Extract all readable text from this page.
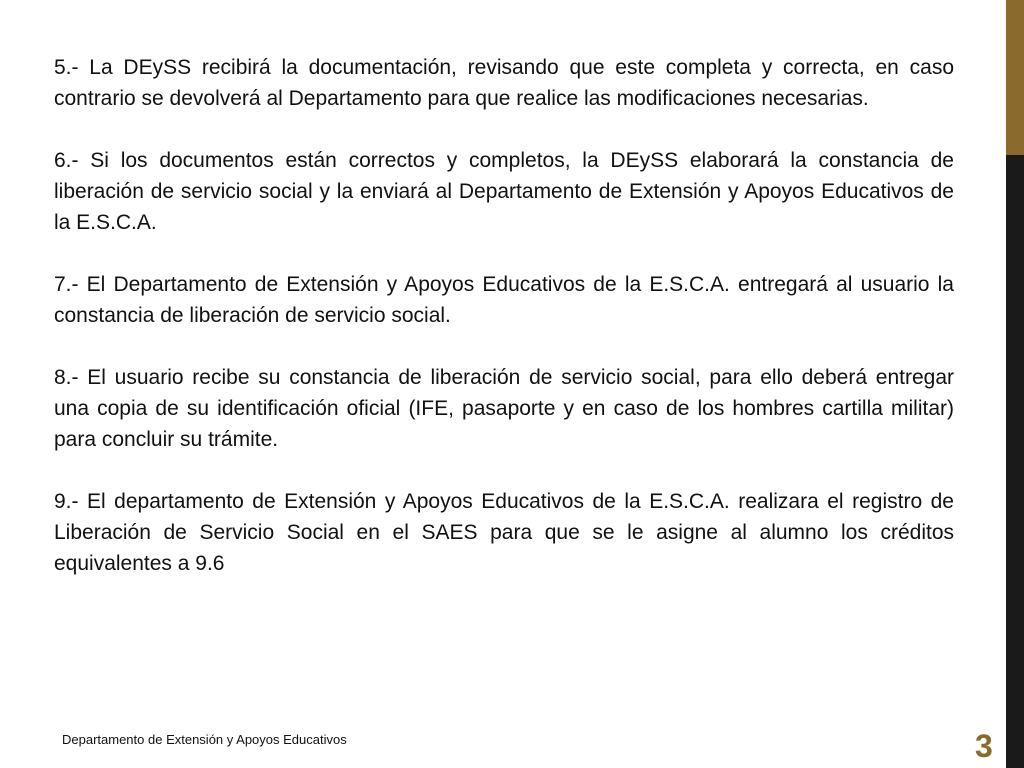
5.- La DEySS recibirá la documentación, revisando que este completa y correcta, en caso contrario se devolverá al Departamento para que realice las modificaciones necesarias.

6.- Si los documentos están correctos y completos, la DEySS elaborará la constancia de liberación de servicio social y la enviará al Departamento de Extensión y Apoyos Educativos de la E.S.C.A.

7.- El Departamento de Extensión y Apoyos Educativos de la E.S.C.A. entregará al usuario la constancia de liberación de servicio social.

8.- El usuario recibe su constancia de liberación de servicio social, para ello deberá entregar una copia de su identificación oficial (IFE, pasaporte y en caso de los hombres cartilla militar) para concluir su trámite.

9.- El departamento de Extensión y Apoyos Educativos de la E.S.C.A. realizara el registro de Liberación de Servicio Social en el SAES para que se le asigne al alumno los créditos equivalentes a 9.6

Departamento de Extensión y Apoyos Educativos	3
